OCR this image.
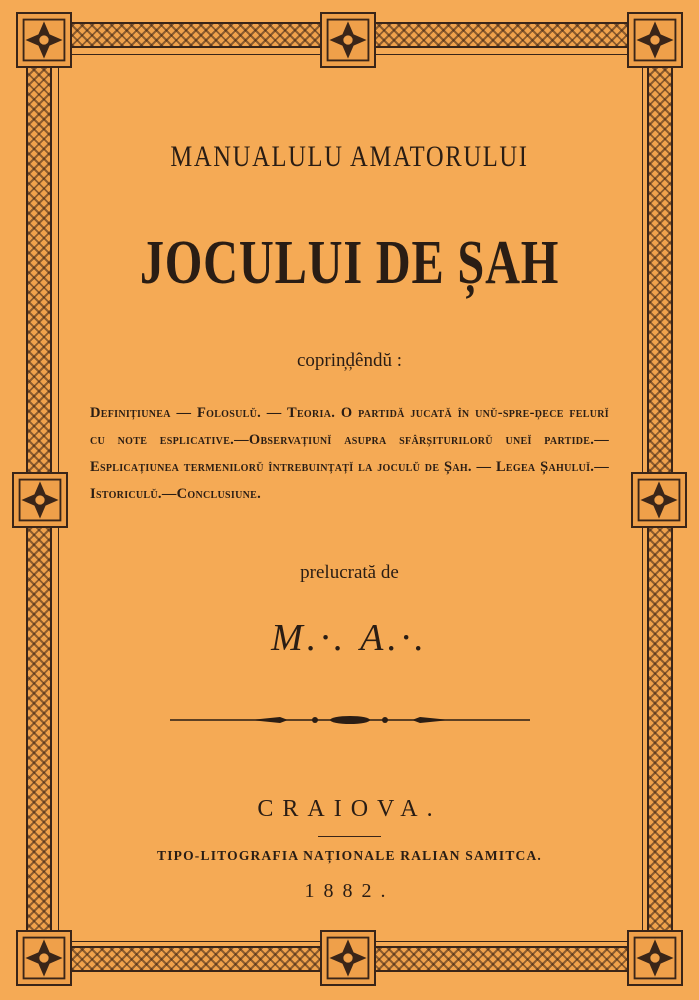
MANUALULU AMATORULUI
JOCULUI DE ȘAH
coprin̦ḑêndŭ :
Definițiunea — Folosulŭ. — Teoria. O partidă jucată în unŭ-spre-ḑece felurĭ cu note esplicative.—Observațiunĭ asupra sfârșiturilorŭ uneĭ partide.—Esplicațiunea termenilorŭ întrebuințațĭ la joculŭ de Șah. — Legea Șahuluĭ.—Istoriculŭ.—Conclusiune.
prelucrată de
M.·. A.·.
CRAIOVA.
TIPO-LITOGRAFIA NAȚIONALE RALIAN SAMITCA.
1882.
